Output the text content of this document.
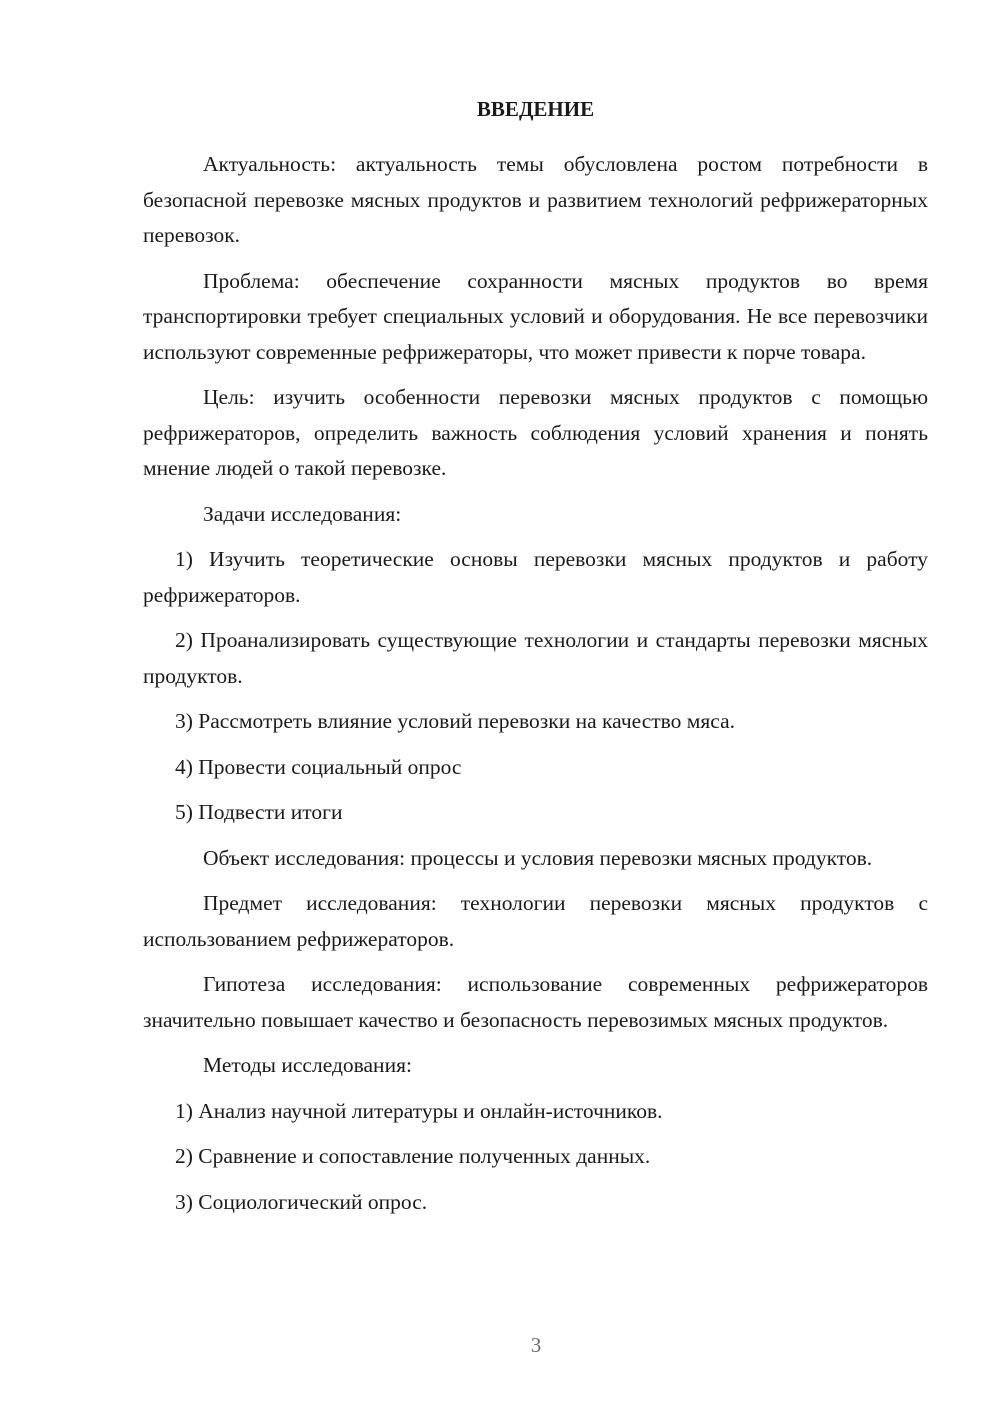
ВВЕДЕНИЕ

Актуальность: актуальность темы обусловлена ростом потребности в безопасной перевозке мясных продуктов и развитием технологий рефрижераторных перевозок.

Проблема: обеспечение сохранности мясных продуктов во время транспортировки требует специальных условий и оборудования. Не все перевозчики используют современные рефрижераторы, что может привести к порче товара.

Цель: изучить особенности перевозки мясных продуктов с помощью рефрижераторов, определить важность соблюдения условий хранения и понять мнение людей о такой перевозке.

Задачи исследования:

1) Изучить теоретические основы перевозки мясных продуктов и работу рефрижераторов.

2) Проанализировать существующие технологии и стандарты перевозки мясных продуктов.

3) Рассмотреть влияние условий перевозки на качество мяса.

4) Провести социальный опрос

5) Подвести итоги

Объект исследования: процессы и условия перевозки мясных продуктов.

Предмет исследования: технологии перевозки мясных продуктов с использованием рефрижераторов.

Гипотеза исследования: использование современных рефрижераторов значительно повышает качество и безопасность перевозимых мясных продуктов.

Методы исследования:

1) Анализ научной литературы и онлайн-источников.

2) Сравнение и сопоставление полученных данных.

3) Социологический опрос.

3
